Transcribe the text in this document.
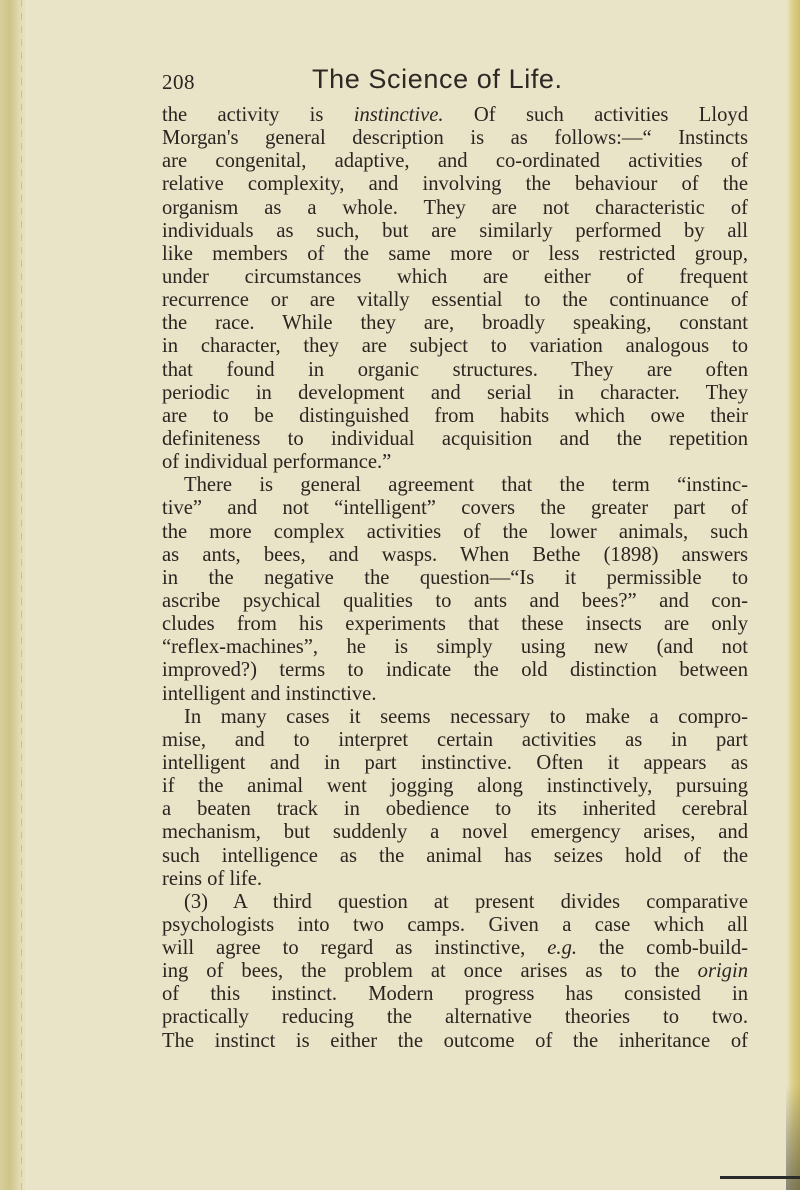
208	The Science of Life.
the activity is instinctive. Of such activities Lloyd
Morgan's general description is as follows:—“ Instincts
are congenital, adaptive, and co-ordinated activities of
relative complexity, and involving the behaviour of the
organism as a whole. They are not characteristic of
individuals as such, but are similarly performed by all
like members of the same more or less restricted group,
under circumstances which are either of frequent
recurrence or are vitally essential to the continuance of
the race. While they are, broadly speaking, constant
in character, they are subject to variation analogous to
that found in organic structures. They are often
periodic in development and serial in character. They
are to be distinguished from habits which owe their
definiteness to individual acquisition and the repetition
of individual performance.”
There is general agreement that the term “instinc-
tive” and not “intelligent” covers the greater part of
the more complex activities of the lower animals, such
as ants, bees, and wasps. When Bethe (1898) answers
in the negative the question—“Is it permissible to
ascribe psychical qualities to ants and bees?” and con-
cludes from his experiments that these insects are only
“reflex-machines”, he is simply using new (and not
improved?) terms to indicate the old distinction between
intelligent and instinctive.
In many cases it seems necessary to make a compro-
mise, and to interpret certain activities as in part
intelligent and in part instinctive. Often it appears as
if the animal went jogging along instinctively, pursuing
a beaten track in obedience to its inherited cerebral
mechanism, but suddenly a novel emergency arises, and
such intelligence as the animal has seizes hold of the
reins of life.
(3) A third question at present divides comparative
psychologists into two camps. Given a case which all
will agree to regard as instinctive, e.g. the comb-build-
ing of bees, the problem at once arises as to the origin
of this instinct. Modern progress has consisted in
practically reducing the alternative theories to two.
The instinct is either the outcome of the inheritance of
